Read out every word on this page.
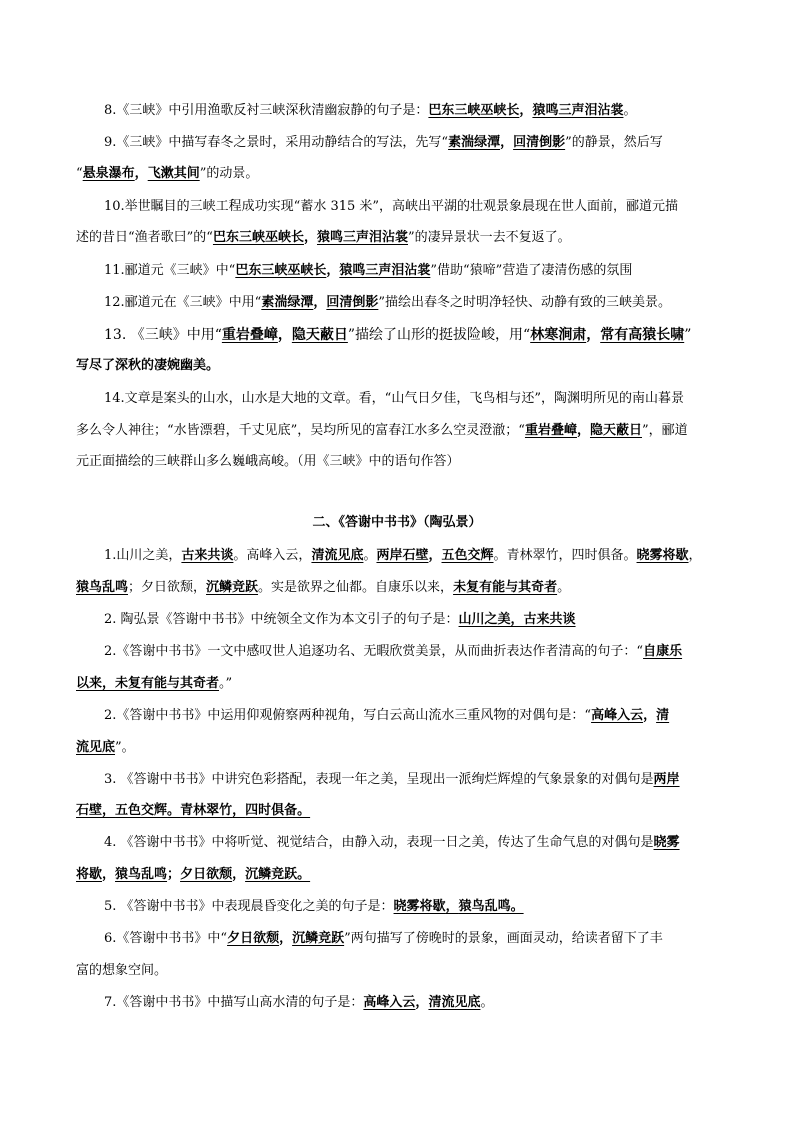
8.《三峡》中引用渔歌反衬三峡深秋清幽寂静的句子是：巴东三峡巫峡长，猿鸣三声泪沾裳。
9.《三峡》中描写春冬之景时，采用动静结合的写法，先写“素湍绿潭，回清倒影”的静景，然后写
“悬泉瀑布，飞漱其间”的动景。
10.举世瞩目的三峡工程成功实现“蓄水 315 米”，高峡出平湖的壮观景象晨现在世人面前，郦道元描
述的昔日“渔者歌曰”的“巴东三峡巫峡长，猿鸣三声泪沾裳”的凄异景状一去不复返了。
11.郦道元《三峡》中“巴东三峡巫峡长，猿鸣三声泪沾裳”借助“猿啼”营造了凄清伤感的氛围
12.郦道元在《三峡》中用“素湍绿潭，回清倒影”描绘出春冬之时明净轻快、动静有致的三峡美景。
13. 《三峡》中用“重岩叠嶂，隐天蔽日”描绘了山形的挺拔险峻，用“林寒涧肃，常有高猿长啸”
写尽了深秋的凄婉幽美。
14.文章是案头的山水，山水是大地的文章。看，“山气日夕佳，飞鸟相与还”，陶渊明所见的南山暮景
多么令人神往；“水皆漂碧，千丈见底”，吴均所见的富春江水多么空灵澄澈；“重岩叠嶂，隐天蔽日”，郦道
元正面描绘的三峡群山多么巍峨高峻。（用《三峡》中的语句作答）
二、《答谢中书书》（陶弘景）
1.山川之美，古来共谈。高峰入云，清流见底。两岸石壁，五色交辉。青林翠竹，四时俱备。晓雾将歇，
猿鸟乱鸣；夕日欲颓，沉鳞竞跃。实是欲界之仙都。自康乐以来，未复有能与其奇者。
2. 陶弘景《答谢中书书》中统领全文作为本文引子的句子是：山川之美，古来共谈
2.《答谢中书书》一文中感叹世人追逐功名、无暇欣赏美景，从而曲折表达作者清高的句子：“自康乐
以来，未复有能与其奇者。”
2.《答谢中书书》中运用仰观俯察两种视角，写白云高山流水三重风物的对偶句是：“高峰入云，清
流见底”。
3. 《答谢中书书》中讲究色彩搭配，表现一年之美，呈现出一派绚烂辉煌的气象景象的对偶句是两岸
石壁，五色交辉。青林翠竹，四时俱备。
4. 《答谢中书书》中将听觉、视觉结合，由静入动，表现一日之美，传达了生命气息的对偶句是晓雾
将歇，猿鸟乱鸣；夕日欲颓，沉鳞竞跃。
5. 《答谢中书书》中表现晨昏变化之美的句子是：晓雾将歇，猿鸟乱鸣。
6.《答谢中书书》中“夕日欲颓，沉鳞竞跃”两句描写了傍晚时的景象，画面灵动，给读者留下了丰
富的想象空间。
7.《答谢中书书》中描写山高水清的句子是：高峰入云，清流见底。
